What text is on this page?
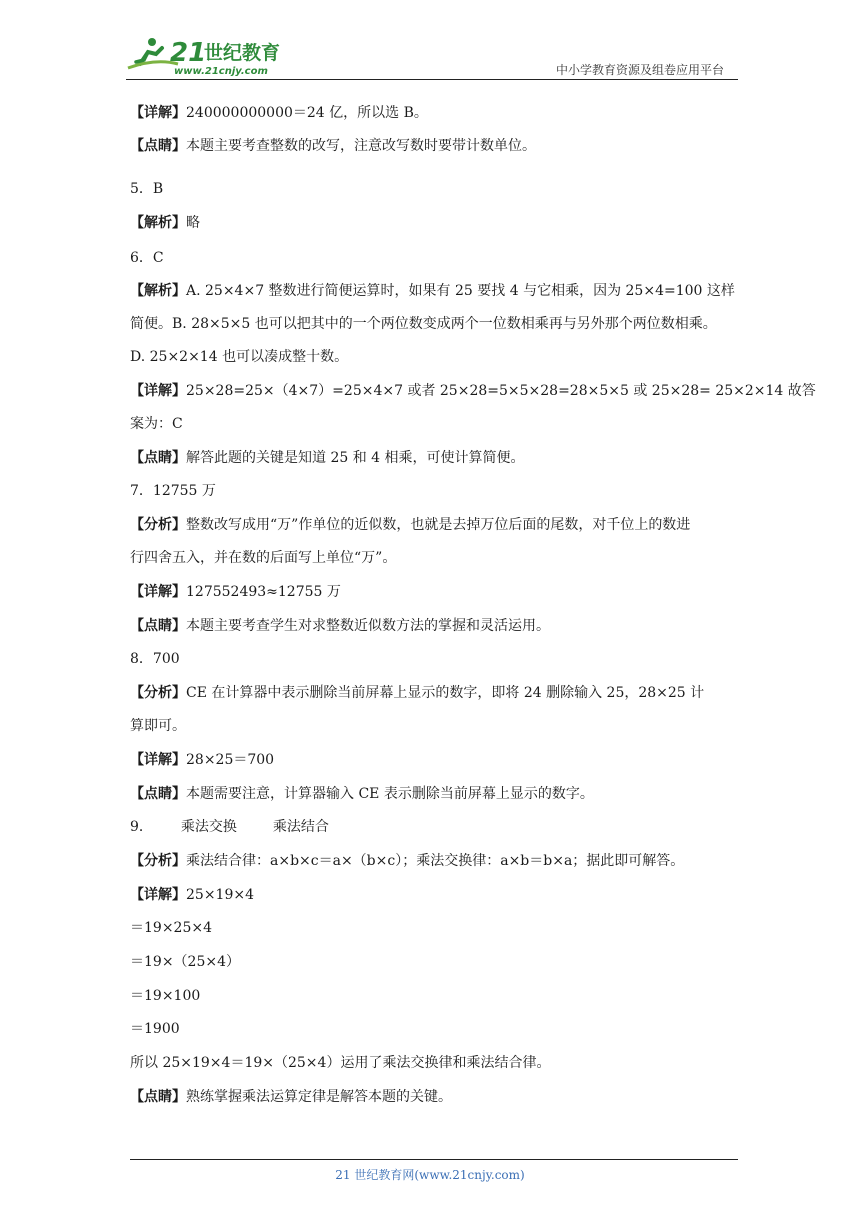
21
世纪教育
www.21cnjy.com	中小学教育资源及组卷应用平台
【详解】240000000000＝24 亿，所以选 B。
【点睛】本题主要考查整数的改写，注意改写数时要带计数单位。
5．B
【解析】略
6．C
【解析】A. 25×4×7 整数进行简便运算时，如果有 25 要找 4 与它相乘，因为 25×4=100 这样
简便。B. 28×5×5 也可以把其中的一个两位数变成两个一位数相乘再与另外那个两位数相乘。
D. 25×2×14 也可以凑成整十数。
【详解】25×28=25×（4×7）=25×4×7 或者 25×28=5×5×28=28×5×5 或 25×28= 25×2×14 故答
案为：C
【点睛】解答此题的关键是知道 25 和 4 相乘，可使计算简便。
7．12755 万
【分析】整数改写成用“万”作单位的近似数，也就是去掉万位后面的尾数，对千位上的数进
行四舍五入，并在数的后面写上单位“万”。
【详解】127552493≈12755 万
【点睛】本题主要考查学生对求整数近似数方法的掌握和灵活运用。
8．700
【分析】CE 在计算器中表示删除当前屏幕上显示的数字，即将 24 删除输入 25，28×25 计
算即可。
【详解】28×25＝700
【点睛】本题需要注意，计算器输入 CE 表示删除当前屏幕上显示的数字。
9． 乘法交换	乘法结合
【分析】乘法结合律：a×b×c＝a×（b×c）；乘法交换律：a×b＝b×a；据此即可解答。
【详解】25×19×4
＝19×25×4
＝19×（25×4）
＝19×100
＝1900
所以 25×19×4＝19×（25×4）运用了乘法交换律和乘法结合律。
【点睛】熟练掌握乘法运算定律是解答本题的关键。
21 世纪教育网(www.21cnjy.com)
